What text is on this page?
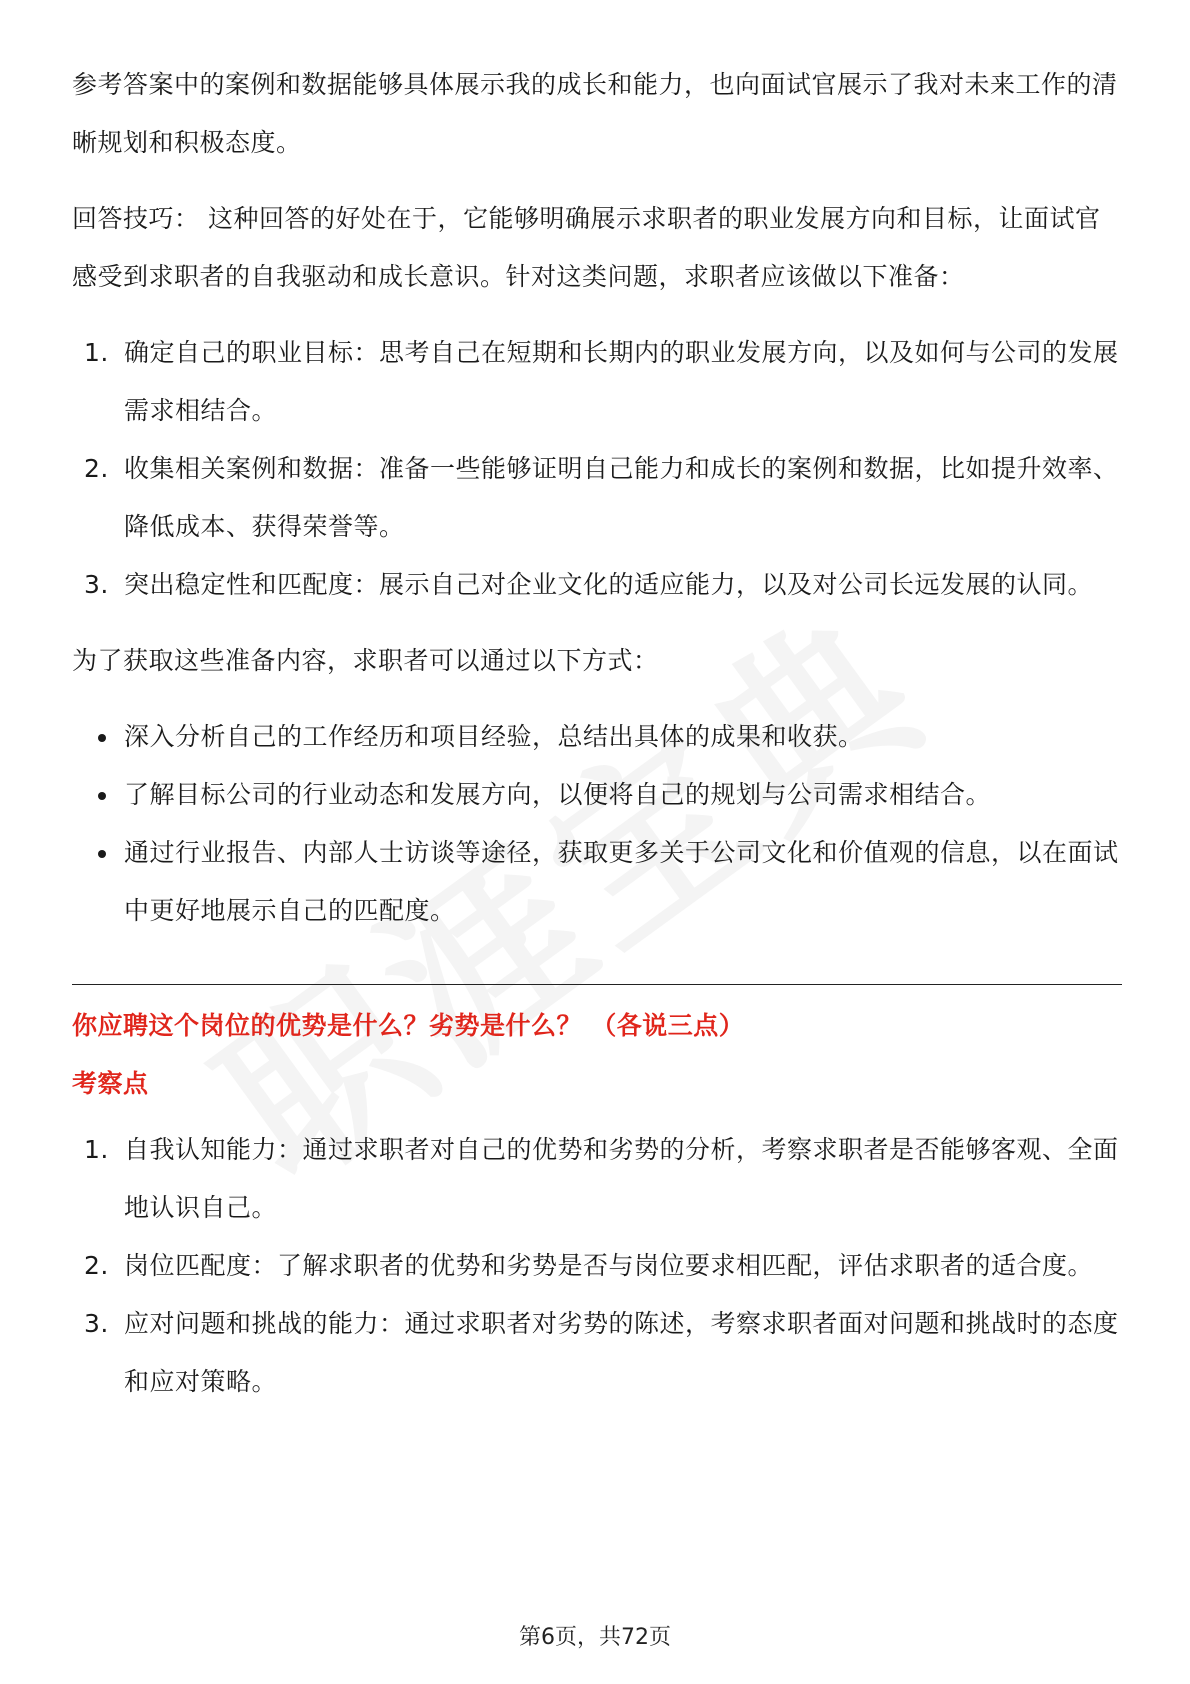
参考答案中的案例和数据能够具体展示我的成长和能力，也向面试官展示了我对未来工作的清晰规划和积极态度。

回答技巧： 这种回答的好处在于，它能够明确展示求职者的职业发展方向和目标，让面试官感受到求职者的自我驱动和成长意识。针对这类问题，求职者应该做以下准备：

1. 确定自己的职业目标：思考自己在短期和长期内的职业发展方向，以及如何与公司的发展需求相结合。
2. 收集相关案例和数据：准备一些能够证明自己能力和成长的案例和数据，比如提升效率、降低成本、获得荣誉等。
3. 突出稳定性和匹配度：展示自己对企业文化的适应能力，以及对公司长远发展的认同。

为了获取这些准备内容，求职者可以通过以下方式：

深入分析自己的工作经历和项目经验，总结出具体的成果和收获。
了解目标公司的行业动态和发展方向，以便将自己的规划与公司需求相结合。
通过行业报告、内部人士访谈等途径，获取更多关于公司文化和价值观的信息，以在面试中更好地展示自己的匹配度。

你应聘这个岗位的优势是什么？劣势是什么？ （各说三点）

考察点

1. 自我认知能力：通过求职者对自己的优势和劣势的分析，考察求职者是否能够客观、全面地认识自己。
2. 岗位匹配度：了解求职者的优势和劣势是否与岗位要求相匹配，评估求职者的适合度。
3. 应对问题和挑战的能力：通过求职者对劣势的陈述，考察求职者面对问题和挑战时的态度和应对策略。
第6页，共72页
